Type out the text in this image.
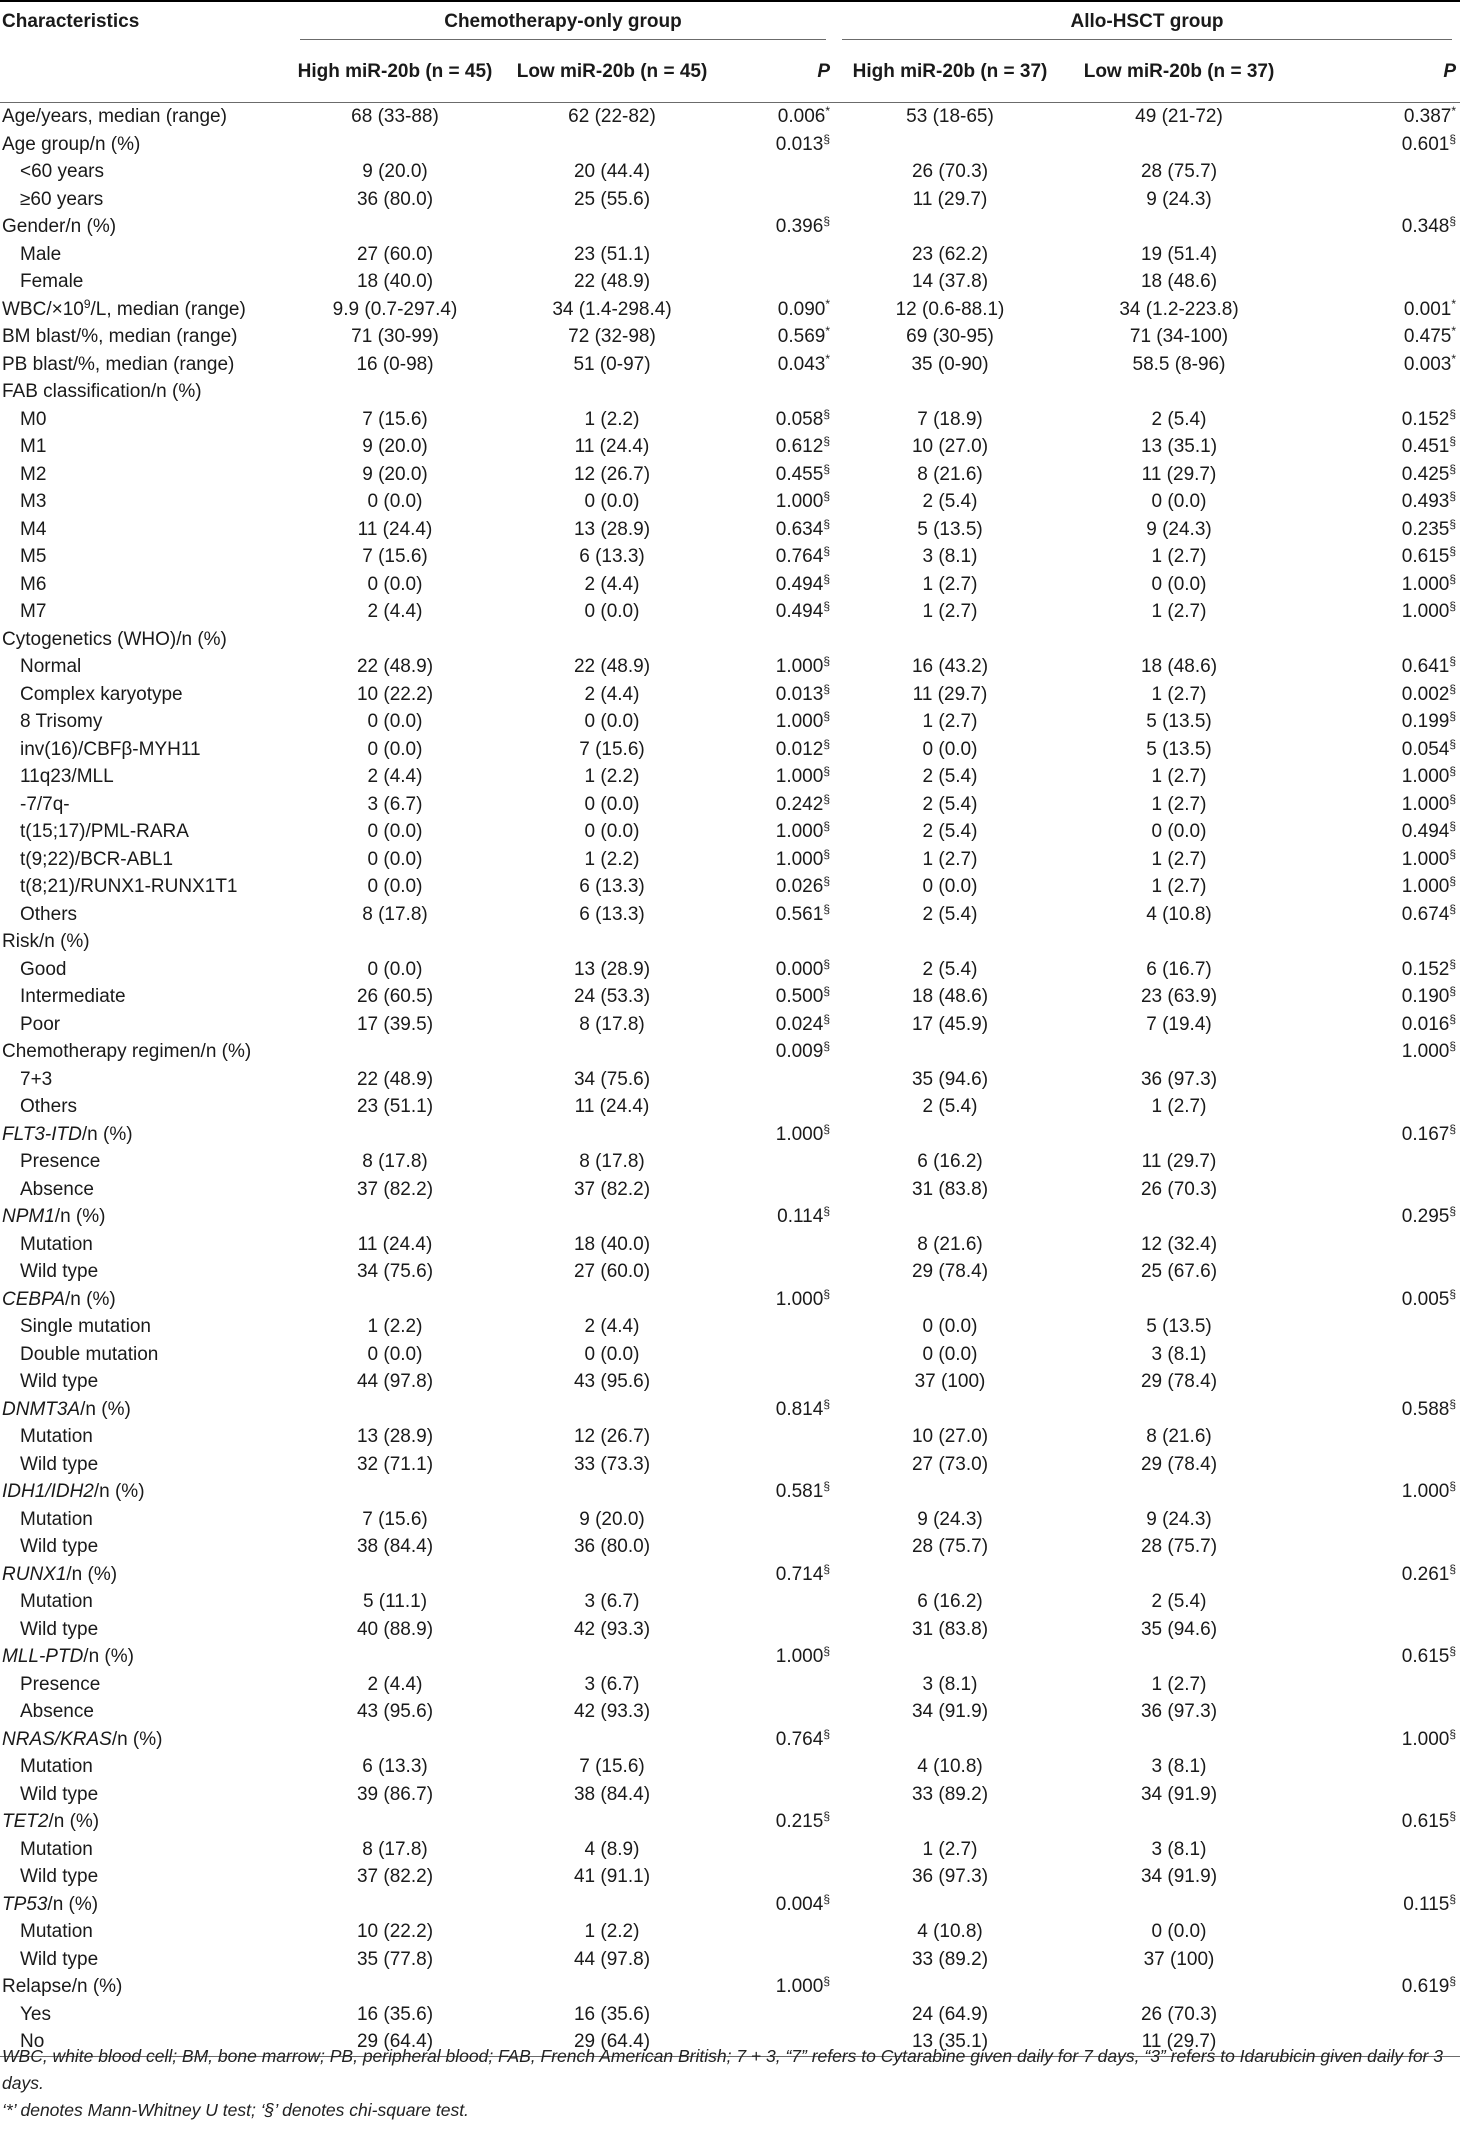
Characteristics	Chemotherapy-only group			Allo-HSCT group		
	High miR-20b (n = 45)	Low miR-20b (n = 45)	P	High miR-20b (n = 37)	Low miR-20b (n = 37)	P
Age/years, median (range)	68 (33-88)	62 (22-82)	0.006*	53 (18-65)	49 (21-72)	0.387*
Age group/n (%)			0.013§			0.601§
<60 years	9 (20.0)	20 (44.4)		26 (70.3)	28 (75.7)	
≥60 years	36 (80.0)	25 (55.6)		11 (29.7)	9 (24.3)	
Gender/n (%)			0.396§			0.348§
Male	27 (60.0)	23 (51.1)		23 (62.2)	19 (51.4)	
Female	18 (40.0)	22 (48.9)		14 (37.8)	18 (48.6)	
WBC/$\times 10^9/L$, median (range)	9.9 (0.7-297.4)	34 (1.4-298.4)	0.090*	12 (0.6-88.1)	34 (1.2-223.8)	0.001*
BM blast/%, median (range)	71 (30-99)	72 (32-98)	0.569*	69 (30-95)	71 (34-100)	0.475*
PB blast/%, median (range)	16 (0-98)	51 (0-97)	0.043*	35 (0-90)	58.5 (8-96)	0.003*
FAB classification/n (%)						
M0	7 (15.6)	1 (2.2)	0.058§	7 (18.9)	2 (5.4)	0.152§
M1	9 (20.0)	11 (24.4)	0.612§	10 (27.0)	13 (35.1)	0.451§
M2	9 (20.0)	12 (26.7)	0.455§	8 (21.6)	11 (29.7)	0.425§
M3	0 (0.0)	0 (0.0)	1.000§	2 (5.4)	0 (0.0)	0.493§
M4	11 (24.4)	13 (28.9)	0.634§	5 (13.5)	9 (24.3)	0.235§
M5	7 (15.6)	6 (13.3)	0.764§	3 (8.1)	1 (2.7)	0.615§
M6	0 (0.0)	2 (4.4)	0.494§	1 (2.7)	0 (0.0)	1.000§
M7	2 (4.4)	0 (0.0)	0.494§	1 (2.7)	1 (2.7)	1.000§
Cytogenetics (WHO)/n (%)						
Normal	22 (48.9)	22 (48.9)	1.000§	16 (43.2)	18 (48.6)	0.641§
Complex karyotype	10 (22.2)	2 (4.4)	0.013§	11 (29.7)	1 (2.7)	0.002§
8 Trisomy	0 (0.0)	0 (0.0)	1.000§	1 (2.7)	5 (13.5)	0.199§
inv(16)/CBFβ-MYH11	0 (0.0)	7 (15.6)	0.012§	0 (0.0)	5 (13.5)	0.054§
11q23/MLL	2 (4.4)	1 (2.2)	1.000§	2 (5.4)	1 (2.7)	1.000§
-7/7q-	3 (6.7)	0 (0.0)	0.242§	2 (5.4)	1 (2.7)	1.000§
t(15;17)/PML-RARA	0 (0.0)	0 (0.0)	1.000§	2 (5.4)	0 (0.0)	0.494§
t(9;22)/BCR-ABL1	0 (0.0)	1 (2.2)	1.000§	1 (2.7)	1 (2.7)	1.000§
t(8;21)/RUNX1-RUNX1T1	0 (0.0)	6 (13.3)	0.026§	0 (0.0)	1 (2.7)	1.000§
Others	8 (17.8)	6 (13.3)	0.561§	2 (5.4)	4 (10.8)	0.674§
Risk/n (%)						
Good	0 (0.0)	13 (28.9)	0.000§	2 (5.4)	6 (16.7)	0.152§
Intermediate	26 (60.5)	24 (53.3)	0.500§	18 (48.6)	23 (63.9)	0.190§
Poor	17 (39.5)	8 (17.8)	0.024§	17 (45.9)	7 (19.4)	0.016§
Chemotherapy regimen/n (%)			0.009§			1.000§
7+3	22 (48.9)	34 (75.6)		35 (94.6)	36 (97.3)	
Others	23 (51.1)	11 (24.4)		2 (5.4)	1 (2.7)	
FLT3-ITD/n (%)			1.000§			0.167§
Presence	8 (17.8)	8 (17.8)		6 (16.2)	11 (29.7)	
Absence	37 (82.2)	37 (82.2)		31 (83.8)	26 (70.3)	
NPM1/n (%)			0.114§			0.295§
Mutation	11 (24.4)	18 (40.0)		8 (21.6)	12 (32.4)	
Wild type	34 (75.6)	27 (60.0)		29 (78.4)	25 (67.6)	
CEBPA/n (%)			1.000§			0.005§
Single mutation	1 (2.2)	2 (4.4)		0 (0.0)	5 (13.5)	
Double mutation	0 (0.0)	0 (0.0)		0 (0.0)	3 (8.1)	
Wild type	44 (97.8)	43 (95.6)		37 (100)	29 (78.4)	
DNMT3A/n (%)			0.814§			0.588§
Mutation	13 (28.9)	12 (26.7)		10 (27.0)	8 (21.6)	
Wild type	32 (71.1)	33 (73.3)		27 (73.0)	29 (78.4)	
IDH1/IDH2/n (%)			0.581§			1.000§
Mutation	7 (15.6)	9 (20.0)		9 (24.3)	9 (24.3)	
Wild type	38 (84.4)	36 (80.0)		28 (75.7)	28 (75.7)	
RUNX1/n (%)			0.714§			0.261§
Mutation	5 (11.1)	3 (6.7)		6 (16.2)	2 (5.4)	
Wild type	40 (88.9)	42 (93.3)		31 (83.8)	35 (94.6)	
MLL-PTD/n (%)			1.000§			0.615§
Presence	2 (4.4)	3 (6.7)		3 (8.1)	1 (2.7)	
Absence	43 (95.6)	42 (93.3)		34 (91.9)	36 (97.3)	
NRAS/KRAS/n (%)			0.764§			1.000§
Mutation	6 (13.3)	7 (15.6)		4 (10.8)	3 (8.1)	
Wild type	39 (86.7)	38 (84.4)		33 (89.2)	34 (91.9)	
TET2/n (%)			0.215§			0.615§
Mutation	8 (17.8)	4 (8.9)		1 (2.7)	3 (8.1)	
Wild type	37 (82.2)	41 (91.1)		36 (97.3)	34 (91.9)	
TP53/n (%)			0.004§			0.115§
Mutation	10 (22.2)	1 (2.2)		4 (10.8)	0 (0.0)	
Wild type	35 (77.8)	44 (97.8)		33 (89.2)	37 (100)	
Relapse/n (%)			1.000§			0.619§
Yes	16 (35.6)	16 (35.6)		24 (64.9)	26 (70.3)	
No	29 (64.4)	29 (64.4)		13 (35.1)	11 (29.7)	

WBC, white blood cell; BM, bone marrow; PB, peripheral blood; FAB, French American British; 7 + 3, “7” refers to Cytarabine given daily for 7 days, “3” refers to Idarubicin given daily for 3 days.

‘*’ denotes Mann-Whitney U test; ‘§’ denotes chi-square test.
